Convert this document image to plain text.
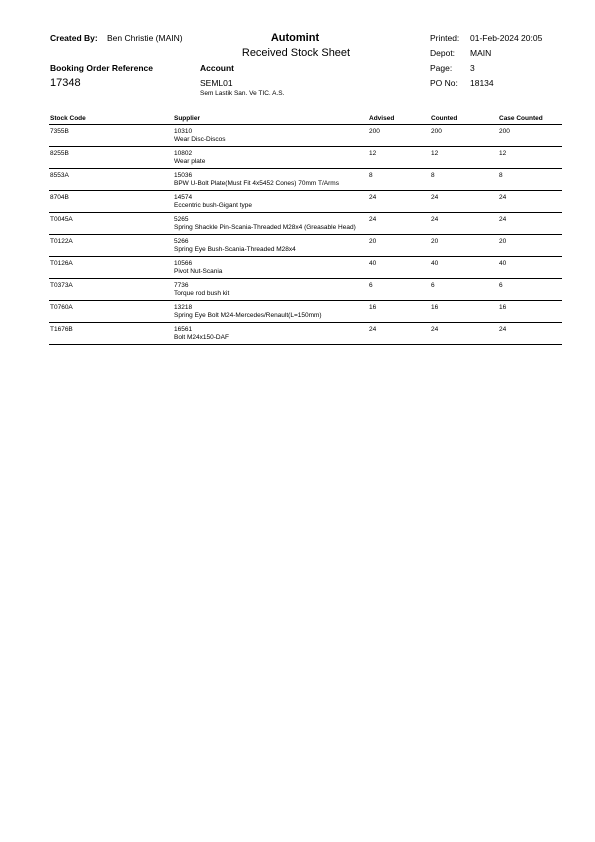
Created By: Ben Christie (MAIN)	Automint
Received Stock Sheet
Printed: 01-Feb-2024 20:05
Depot: MAIN
Page: 3
Booking Order Reference
17348
Account
SEML01
Sem Lastik San. Ve TIC. A.S.
PO No: 18134
Stock Code	Supplier	Advised	Counted	Case Counted
7355B	10310	200	200	200
Wear Disc-Discos
8255B	10802	12	12	12
Wear plate
8553A	15036	8	8	8
BPW U-Bolt Plate(Must Fit 4x5452 Cones) 70mm T/Arms
8704B	14574	24	24	24
Eccentric bush-Gigant type
T0045A	5265	24	24	24
Spring Shackle Pin-Scania-Threaded M28x4 (Greasable Head)
T0122A	5266	20	20	20
Spring Eye Bush-Scania-Threaded M28x4
T0126A	10566	40	40	40
Pivot Nut-Scania
T0373A	7736	6	6	6
Torque rod bush kit
T0760A	13218	16	16	16
Spring Eye Bolt M24-Mercedes/Renault(L=150mm)
T1676B	16561	24	24	24
Bolt M24x150-DAF
